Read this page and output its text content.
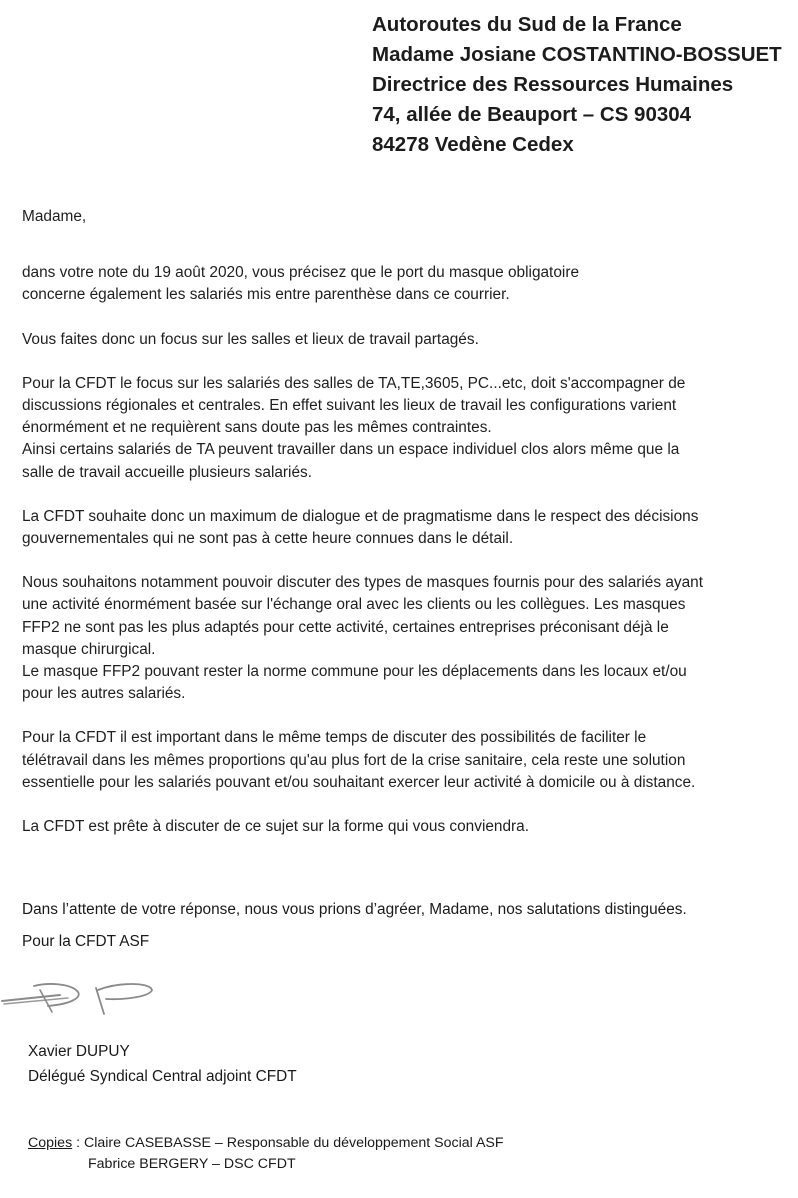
Autoroutes du Sud de la France
Madame Josiane COSTANTINO-BOSSUET
Directrice des Ressources Humaines
74, allée de Beauport – CS 90304
84278 Vedène Cedex

Madame,

dans votre note du 19 août 2020, vous précisez que le port du masque obligatoire
concerne également les salariés mis entre parenthèse dans ce courrier.

Vous faites donc un focus sur les salles et lieux de travail partagés.

Pour la CFDT le focus sur les salariés des salles de TA,TE,3605, PC...etc, doit s'accompagner de
discussions régionales et centrales. En effet suivant les lieux de travail les configurations varient
énormément et ne requièrent sans doute pas les mêmes contraintes.
Ainsi certains salariés de TA peuvent travailler dans un espace individuel clos alors même que la
salle de travail accueille plusieurs salariés.

La CFDT souhaite donc un maximum de dialogue et de pragmatisme dans le respect des décisions
gouvernementales qui ne sont pas à cette heure connues dans le détail.

Nous souhaitons notamment pouvoir discuter des types de masques fournis pour des salariés ayant
une activité énormément basée sur l'échange oral avec les clients ou les collègues. Les masques
FFP2 ne sont pas les plus adaptés pour cette activité, certaines entreprises préconisant déjà le
masque chirurgical.
Le masque FFP2 pouvant rester la norme commune pour les déplacements dans les locaux et/ou
pour les autres salariés.

Pour la CFDT il est important dans le même temps de discuter des possibilités de faciliter le
télétravail dans les mêmes proportions qu'au plus fort de la crise sanitaire, cela reste une solution
essentielle pour les salariés pouvant et/ou souhaitant exercer leur activité à domicile ou à distance.

La CFDT est prête à discuter de ce sujet sur la forme qui vous conviendra.

Dans l’attente de votre réponse, nous vous prions d’agréer, Madame, nos salutations distinguées.
Pour la CFDT ASF
Xavier DUPUY
Délégué Syndical Central adjoint CFDT
Copies : Claire CASEBASSE – Responsable du développement Social ASF
Fabrice BERGERY – DSC CFDT
